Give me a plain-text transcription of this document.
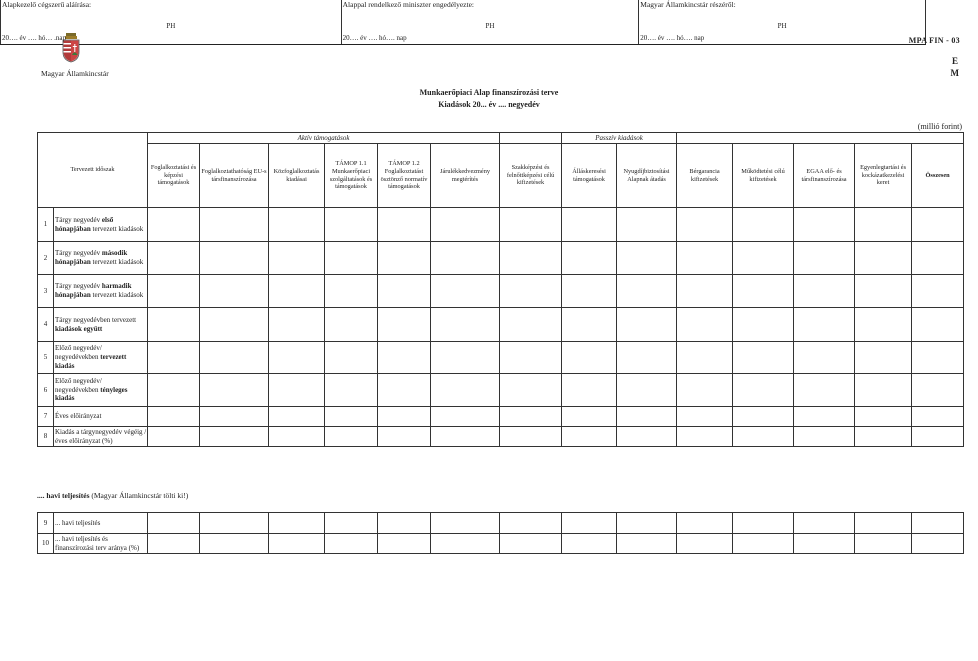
Magyar Államkincstár
MPA FIN - 03
E
M
Munkaerőpiaci Alap finanszírozási terve
Kiadások 20... év .... negyedév
(millió forint)
Tervezett időszak		Aktív támogatások							Passzív kiadások						
		Foglalkoztatási és képzési támogatások	Foglalkoztathatóság EU-s társfinanszírozása	Közfoglalkoztatás kiadásai	TÁMOP 1.1 Munkaerőpiaci szolgáltatások és támogatások	TÁMOP 1.2 Foglalkoztatást ösztönző normatív támogatások	Járulékkedvezmény megtérítés	Szakképzési és felnőttképzési célú kifizetések	Álláskeresési támogatások	Nyugdíjbiztosítási Alapnak átadás	Bérgarancia kifizetések	Működtetési célú kifizetések	EGAA elő- és társfinanszírozása	Egyenlegtartási és kockázatkezelési keret	Összesen
1	Tárgy negyedév első hónapjában tervezett kiadások														
2	Tárgy negyedév második hónapjában tervezett kiadások														
3	Tárgy negyedév harmadik hónapjában tervezett kiadások														
4	Tárgy negyedévben tervezett kiadások együtt														
5	Előző negyedév/ negyedévekben tervezett kiadás														
6	Előző negyedév/ negyedévekben tényleges kiadás														
7	Éves előirányzat														
8	Kiadás a tárgynegyedév végéig / éves előirányzat (%)														
.... havi teljesítés (Magyar Államkincstár tölti ki!)
9	... havi teljesítés														
10	... havi teljesítés és finanszírozási terv aránya (%)														
Alapkezelő cégszerű aláírása:
PH
20…. év …. hó… .nap

Alappal rendelkező miniszter engedélyezte:
PH
20…. év …. hó…. nap

Magyar Államkincstár részéről:
PH
20…. év …. hó…. nap
